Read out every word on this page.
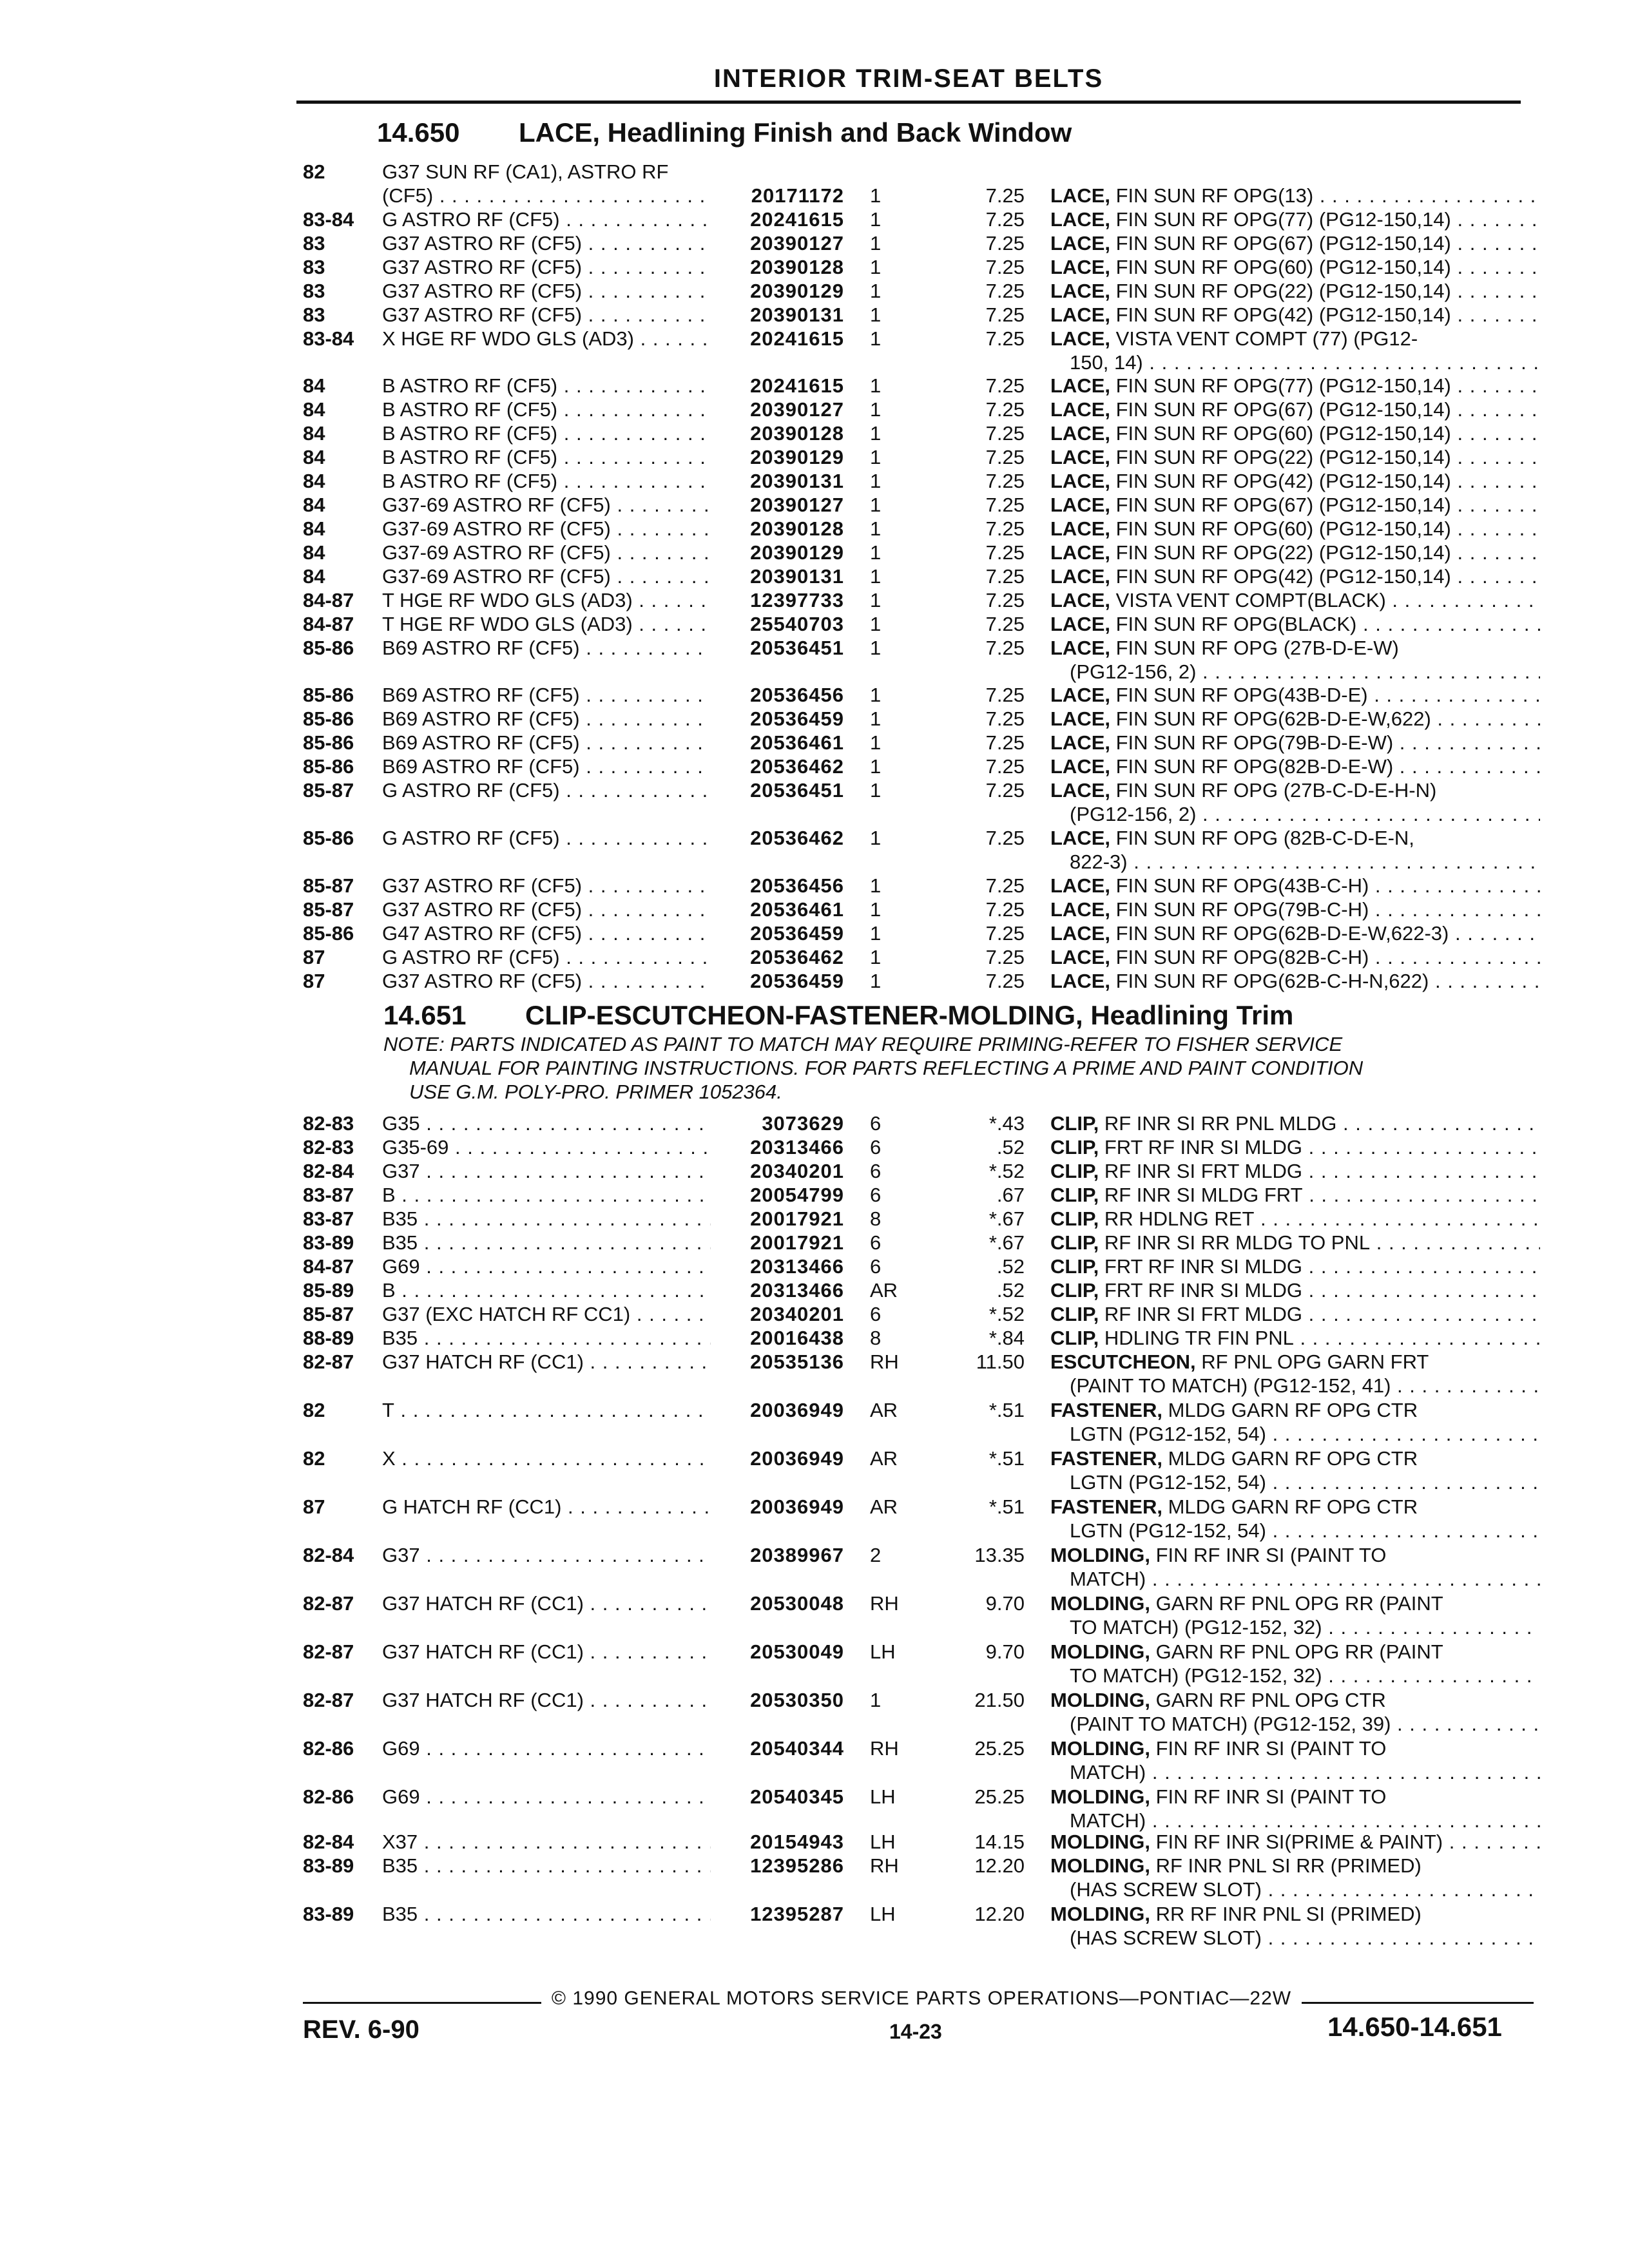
INTERIOR TRIM-SEAT BELTS
14.650 LACE, Headlining Finish and Back Window
14.651 CLIP-ESCUTCHEON-FASTENER-MOLDING, Headlining Trim
NOTE: PARTS INDICATED AS PAINT TO MATCH MAY REQUIRE PRIMING-REFER TO FISHER SERVICE
MANUAL FOR PAINTING INSTRUCTIONS. FOR PARTS REFLECTING A PRIME AND PAINT CONDITION
USE G.M. POLY-PRO. PRIMER 1052364.
82	G37 SUN RF (CA1), ASTRO RF
(CF5) . . .	20171172 1	7.25 LACE, FIN SUN RF OPG(13) . . .
83-84	G ASTRO RF (CF5) . . .	20241615 1	7.25 LACE, FIN SUN RF OPG(77) (PG12-150,14) . . .
83	G37 ASTRO RF (CF5) . . .	20390127 1	7.25 LACE, FIN SUN RF OPG(67) (PG12-150,14) . . .
83	G37 ASTRO RF (CF5) . . .	20390128 1	7.25 LACE, FIN SUN RF OPG(60) (PG12-150,14) . . .
83	G37 ASTRO RF (CF5) . . .	20390129 1	7.25 LACE, FIN SUN RF OPG(22) (PG12-150,14) . . .
83	G37 ASTRO RF (CF5) . . .	20390131 1	7.25 LACE, FIN SUN RF OPG(42) (PG12-150,14) . . .
83-84	X HGE RF WDO GLS (AD3) . . .	20241615 1	7.25 LACE, VISTA VENT COMPT (77) (PG12-
150, 14) . . .
84	B ASTRO RF (CF5) . . .	20241615 1	7.25 LACE, FIN SUN RF OPG(77) (PG12-150,14) . . .
84	B ASTRO RF (CF5) . . .	20390127 1	7.25 LACE, FIN SUN RF OPG(67) (PG12-150,14) . . .
84	B ASTRO RF (CF5) . . .	20390128 1	7.25 LACE, FIN SUN RF OPG(60) (PG12-150,14) . . .
84	B ASTRO RF (CF5) . . .	20390129 1	7.25 LACE, FIN SUN RF OPG(22) (PG12-150,14) . . .
84	B ASTRO RF (CF5) . . .	20390131 1	7.25 LACE, FIN SUN RF OPG(42) (PG12-150,14) . . .
84	G37-69 ASTRO RF (CF5) . . .	20390127 1	7.25 LACE, FIN SUN RF OPG(67) (PG12-150,14) . . .
84	G37-69 ASTRO RF (CF5) . . .	20390128 1	7.25 LACE, FIN SUN RF OPG(60) (PG12-150,14) . . .
84	G37-69 ASTRO RF (CF5) . . .	20390129 1	7.25 LACE, FIN SUN RF OPG(22) (PG12-150,14) . . .
84	G37-69 ASTRO RF (CF5) . . .	20390131 1	7.25 LACE, FIN SUN RF OPG(42) (PG12-150,14) . . .
84-87	T HGE RF WDO GLS (AD3) . . .	12397733 1	7.25 LACE, VISTA VENT COMPT(BLACK) . . .
84-87	T HGE RF WDO GLS (AD3) . . .	25540703 1	7.25 LACE, FIN SUN RF OPG(BLACK) . . .
85-86	B69 ASTRO RF (CF5) . . .	20536451 1	7.25 LACE, FIN SUN RF OPG (27B-D-E-W)
(PG12-156, 2) . . .
85-86	B69 ASTRO RF (CF5) . . .	20536456 1	7.25 LACE, FIN SUN RF OPG(43B-D-E) . . .
85-86	B69 ASTRO RF (CF5) . . .	20536459 1	7.25 LACE, FIN SUN RF OPG(62B-D-E-W,622) . . .
85-86	B69 ASTRO RF (CF5) . . .	20536461 1	7.25 LACE, FIN SUN RF OPG(79B-D-E-W) . . .
85-86	B69 ASTRO RF (CF5) . . .	20536462 1	7.25 LACE, FIN SUN RF OPG(82B-D-E-W) . . .
85-87	G ASTRO RF (CF5) . . .	20536451 1	7.25 LACE, FIN SUN RF OPG (27B-C-D-E-H-N)
(PG12-156, 2) . . .
85-86	G ASTRO RF (CF5) . . .	20536462 1	7.25 LACE, FIN SUN RF OPG (82B-C-D-E-N,
822-3) . . .
85-87	G37 ASTRO RF (CF5) . . .	20536456 1	7.25 LACE, FIN SUN RF OPG(43B-C-H) . . .
85-87	G37 ASTRO RF (CF5) . . .	20536461 1	7.25 LACE, FIN SUN RF OPG(79B-C-H) . . .
85-86	G47 ASTRO RF (CF5) . . .	20536459 1	7.25 LACE, FIN SUN RF OPG(62B-D-E-W,622-3) . . .
87	G ASTRO RF (CF5) . . .	20536462 1	7.25 LACE, FIN SUN RF OPG(82B-C-H) . . .
87	G37 ASTRO RF (CF5) . . .	20536459 1	7.25 LACE, FIN SUN RF OPG(62B-C-H-N,622) . . .
82-83	G35 . . .	3073629 6	*.43 CLIP, RF INR SI RR PNL MLDG . . .
82-83	G35-69 . . .	20313466 6	.52 CLIP, FRT RF INR SI MLDG . . .
82-84	G37 . . .	20340201 6	*.52 CLIP, RF INR SI FRT MLDG . . .
83-87	B . . .	20054799 6	.67 CLIP, RF INR SI MLDG FRT . . .
83-87	B35 . . .	20017921 8	*.67 CLIP, RR HDLNG RET . . .
83-89	B35 . . .	20017921 6	*.67 CLIP, RF INR SI RR MLDG TO PNL . . .
84-87	G69 . . .	20313466 6	.52 CLIP, FRT RF INR SI MLDG . . .
85-89	B . . .	20313466 AR	.52 CLIP, FRT RF INR SI MLDG . . .
85-87	G37 (EXC HATCH RF CC1) . . .	20340201 6	*.52 CLIP, RF INR SI FRT MLDG . . .
88-89	B35 . . .	20016438 8	*.84 CLIP, HDLING TR FIN PNL . . .
82-87	G37 HATCH RF (CC1) . . .	20535136 RH	11.50 ESCUTCHEON, RF PNL OPG GARN FRT
(PAINT TO MATCH) (PG12-152, 41) . . .
82	T . . .	20036949 AR	*.51 FASTENER, MLDG GARN RF OPG CTR
LGTN (PG12-152, 54) . . .
82	X . . .	20036949 AR	*.51 FASTENER, MLDG GARN RF OPG CTR
LGTN (PG12-152, 54) . . .
87	G HATCH RF (CC1) . . .	20036949 AR	*.51 FASTENER, MLDG GARN RF OPG CTR
LGTN (PG12-152, 54) . . .
82-84	G37 . . .	20389967 2	13.35 MOLDING, FIN RF INR SI (PAINT TO
MATCH) . . .
82-87	G37 HATCH RF (CC1) . . .	20530048 RH	9.70 MOLDING, GARN RF PNL OPG RR (PAINT
TO MATCH) (PG12-152, 32) . . .
82-87	G37 HATCH RF (CC1) . . .	20530049 LH	9.70 MOLDING, GARN RF PNL OPG RR (PAINT
TO MATCH) (PG12-152, 32) . . .
82-87	G37 HATCH RF (CC1) . . .	20530350 1	21.50 MOLDING, GARN RF PNL OPG CTR
(PAINT TO MATCH) (PG12-152, 39) . . .
82-86	G69 . . .	20540344 RH	25.25 MOLDING, FIN RF INR SI (PAINT TO
MATCH) . . .
82-86	G69 . . .	20540345 LH	25.25 MOLDING, FIN RF INR SI (PAINT TO
MATCH) . . .
82-84	X37 . . .	20154943 LH	14.15 MOLDING, FIN RF INR SI(PRIME & PAINT) . . .
83-89	B35 . . .	12395286 RH	12.20 MOLDING, RF INR PNL SI RR (PRIMED)
(HAS SCREW SLOT) . . .
83-89	B35 . . .	12395287 LH	12.20 MOLDING, RR RF INR PNL SI (PRIMED)
(HAS SCREW SLOT) . . .
© 1990 GENERAL MOTORS SERVICE PARTS OPERATIONS—PONTIAC—22W
REV. 6-90	14-23	14.650-14.651
